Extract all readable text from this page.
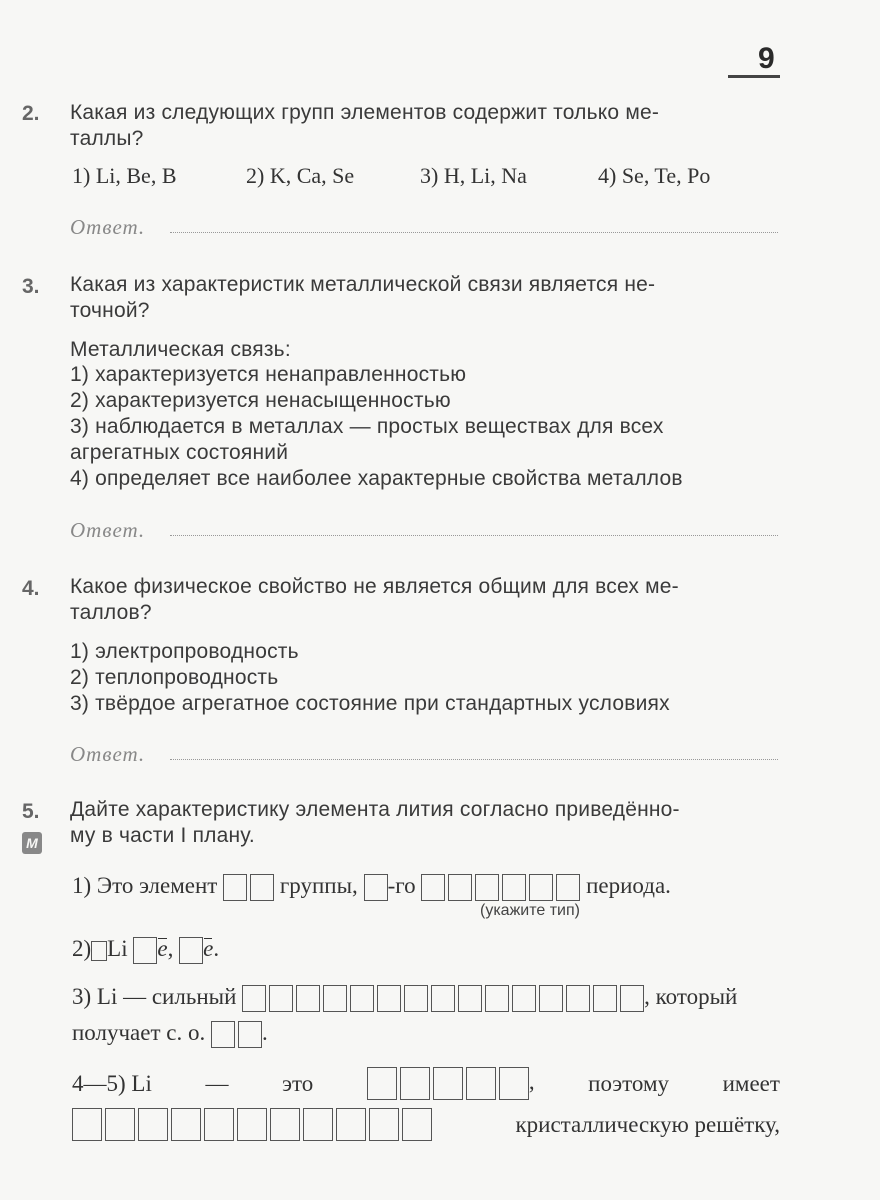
9
2. Какая из следующих групп элементов содержит только ме-
таллы?
1) Li, Be, B	2) K, Ca, Se	3) H, Li, Na	4) Se, Te, Po
Ответ.
3. Какая из характеристик металлической связи является не-
точной?
Металлическая связь:
1) характеризуется ненаправленностью
2) характеризуется ненасыщенностью
3) наблюдается в металлах — простых веществах для всех
агрегатных состояний
4) определяет все наиболее характерные свойства металлов
Ответ.
4. Какое физическое свойство не является общим для всех ме-
таллов?
1) электропроводность
2) теплопроводность
3) твёрдое агрегатное состояние при стандартных условиях
Ответ.
5.
М
Дайте характеристику элемента лития согласно приведённо-
му в части I плану.
1) Это элемент	группы, -го	периода.
(укажите тип)
2) Li e, e.
3) Li — сильный	, который
получает с. о. .
4—5) Li — это	, поэтому имеет
кристаллическую решётку,
